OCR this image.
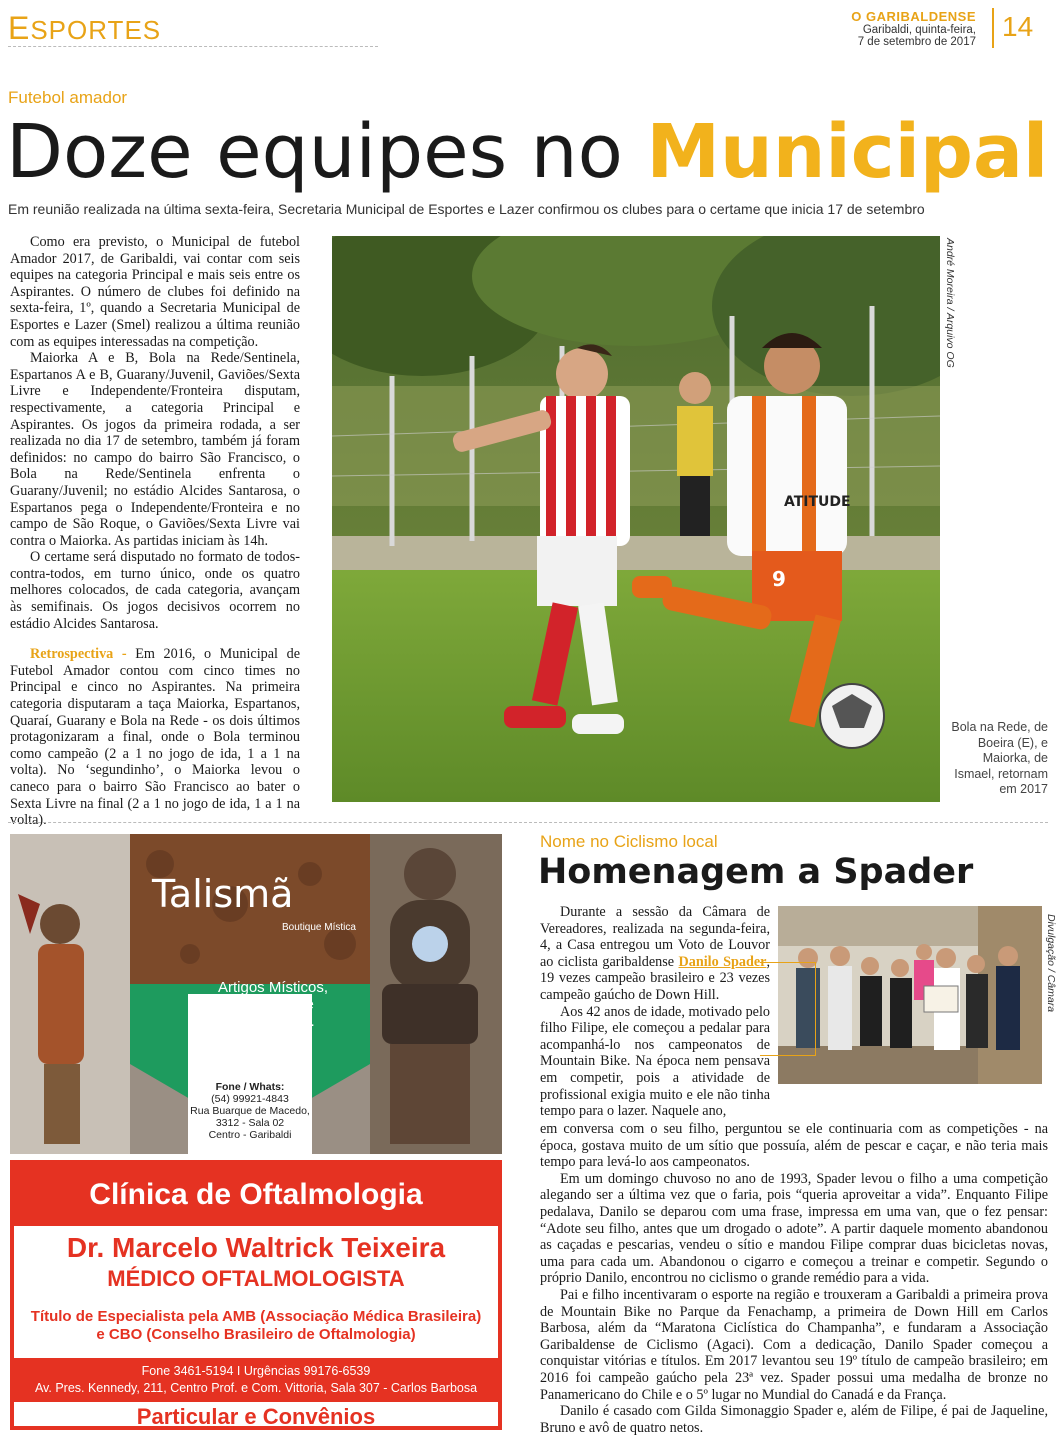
ESPORTES	O GARIBALDENSE
Garibaldi, quinta-feira,
7 de setembro de 2017 14
Futebol amador
Doze equipes no Municipal
Em reunião realizada na última sexta-feira, Secretaria Municipal de Esportes e Lazer confirmou os clubes para o certame que inicia 17 de setembro

Como era previsto, o Municipal de futebol Amador 2017, de Garibaldi, vai contar com seis equipes na categoria Principal e mais seis entre os Aspirantes. O número de clubes foi definido na sexta-feira, 1º, quando a Secretaria Municipal de Esportes e Lazer (Smel) realizou a última reunião com as equipes interessadas na competição.

Maiorka A e B, Bola na Rede/Sentinela, Espartanos A e B, Guarany/Juvenil, Gaviões/Sexta Livre e Independente/Fronteira disputam, respectivamente, a categoria Principal e Aspirantes. Os jogos da primeira rodada, a ser realizada no dia 17 de setembro, também já foram definidos: no campo do bairro São Francisco, o Bola na Rede/Sentinela enfrenta o Guarany/Juvenil; no estádio Alcides Santarosa, o Espartanos pega o Independente/Fronteira e no campo de São Roque, o Gaviões/Sexta Livre vai contra o Maiorka. As partidas iniciam às 14h.

O certame será disputado no formato de todos-contra-todos, em turno único, onde os quatro melhores colocados, de cada categoria, avançam às semifinais. Os jogos decisivos ocorrem no estádio Alcides Santarosa.

Retrospectiva - Em 2016, o Municipal de Futebol Amador contou com cinco times no Principal e cinco no Aspirantes. Na primeira categoria disputaram a taça Maiorka, Espartanos, Quaraí, Guarany e Bola na Rede - os dois últimos protagonizaram a final, onde o Bola terminou como campeão (2 a 1 no jogo de ida, 1 a 1 na volta). No ‘segundinho’, o Maiorka levou o caneco para o bairro São Francisco ao bater o Sexta Livre na final (2 a 1 no jogo de ida, 1 a 1 na volta).

ATITUDE
9
André Moreira / Arquivo OG
Bola na Rede, de Boeira (E), e Maiorka, de Ismael, retornam em 2017
Talismã
Boutique Mística
Artigos Místicos, Religiosos e Decorativos.
Fone / Whats:
(54) 99921-4843
Rua Buarque de Macedo,
3312 - Sala 02
Centro - Garibaldi
Clínica de Oftalmologia
Dr. Marcelo Waltrick Teixeira
MÉDICO OFTALMOLOGISTA
Título de Especialista pela AMB (Associação Médica Brasileira)
e CBO (Conselho Brasileiro de Oftalmologia)
Fone 3461-5194 I Urgências 99176-6539
Av. Pres. Kennedy, 211, Centro Prof. e Com. Vittoria, Sala 307 - Carlos Barbosa
Particular e Convênios
Nome no Ciclismo local
Homenagem a Spader

Durante a sessão da Câmara de Vereadores, realizada na segunda-feira, 4, a Casa entregou um Voto de Louvor ao ciclista garibaldense Danilo Spader, 19 vezes campeão brasileiro e 23 vezes campeão gaúcho de Down Hill.

Aos 42 anos de idade, motivado pelo filho Filipe, ele começou a pedalar para acompanhá-lo nos campeonatos de Mountain Bike. Na época nem pensava em competir, pois a atividade de profissional exigia muito e ele não tinha tempo para o lazer. Naquele ano,

Divulgação / Câmara

em conversa com o seu filho, perguntou se ele continuaria com as competições - na época, gostava muito de um sítio que possuía, além de pescar e caçar, e não teria mais tempo para levá-lo aos campeonatos.

Em um domingo chuvoso no ano de 1993, Spader levou o filho a uma competição alegando ser a última vez que o faria, pois “queria aproveitar a vida”. Enquanto Filipe pedalava, Danilo se deparou com uma frase, impressa em uma van, que o fez pensar: “Adote seu filho, antes que um drogado o adote”. A partir daquele momento abandonou as caçadas e pescarias, vendeu o sítio e mandou Filipe comprar duas bicicletas novas, uma para cada um. Abandonou o cigarro e começou a treinar e competir. Segundo o próprio Danilo, encontrou no ciclismo o grande remédio para a vida.

Pai e filho incentivaram o esporte na região e trouxeram a Garibaldi a primeira prova de Mountain Bike no Parque da Fenachamp, a primeira de Down Hill em Carlos Barbosa, além da “Maratona Ciclística do Champanha”, e fundaram a Associação Garibaldense de Ciclismo (Agaci). Com a dedicação, Danilo Spader começou a conquistar vitórias e títulos. Em 2017 levantou seu 19º título de campeão brasileiro; em 2016 foi campeão gaúcho pela 23ª vez. Spader possui uma medalha de bronze no Panamericano do Chile e o 5º lugar no Mundial do Canadá e da França.

Danilo é casado com Gilda Simonaggio Spader e, além de Filipe, é pai de Jaqueline, Bruno e avô de quatro netos.
